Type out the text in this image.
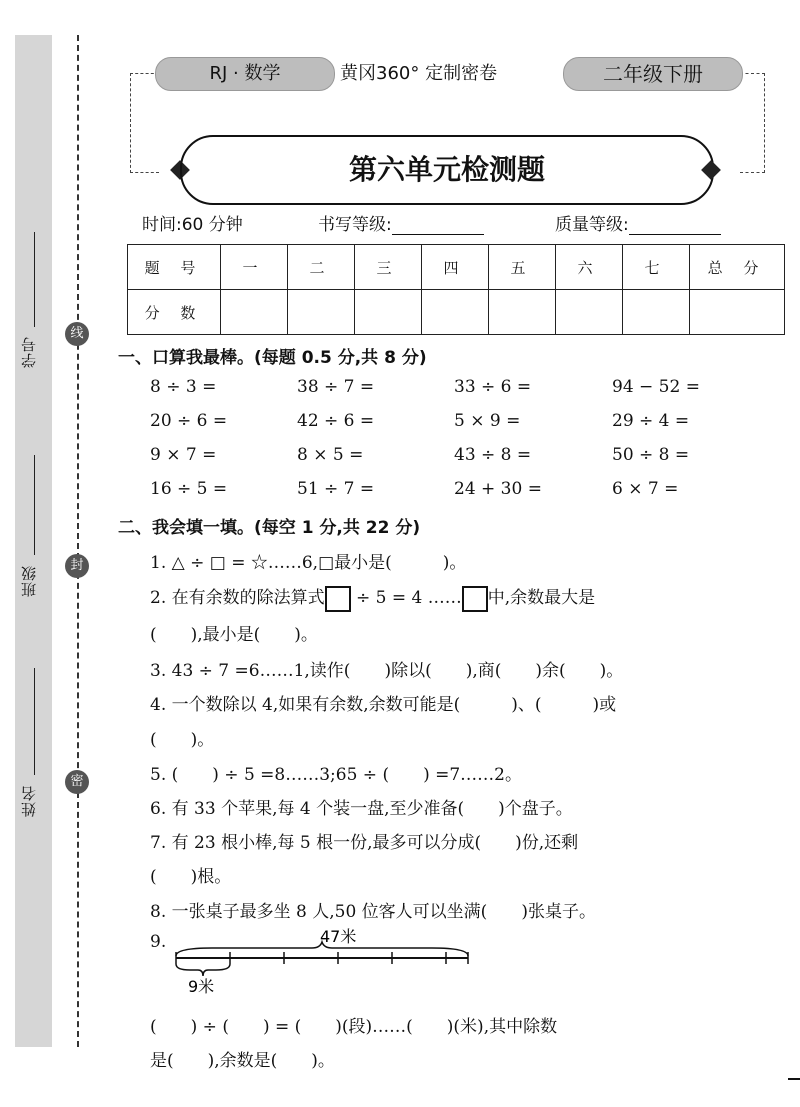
学号
班级
姓名
线
封
密
RJ · 数学	黄冈360° 定制密卷	二年级下册
第六单元检测题
时间:60 分钟	书写等级:	质量等级:
题 号	一	二	三	四	五	六	七	总 分
分 数								
一、口算我最棒。(每题 0.5 分,共 8 分)
8 ÷ 3 =	38 ÷ 7 =	33 ÷ 6 =	94 − 52 =
20 ÷ 6 =	42 ÷ 6 =	5 × 9 =	29 ÷ 4 =
9 × 7 =	8 × 5 =	43 ÷ 8 =	50 ÷ 8 =
16 ÷ 5 =	51 ÷ 7 =	24 + 30 =	6 × 7 =
二、我会填一填。(每空 1 分,共 22 分)
1. △ ÷ □ = ☆……6,□最小是(　　　)。
2. 在有余数的除法算式 ÷ 5 = 4 …… 中,余数最大是
(　　),最小是(　　)。
3. 43 ÷ 7 =6……1,读作(　　)除以(　　),商(　　)余(　　)。
4. 一个数除以 4,如果有余数,余数可能是(　　　)、(　　　)或
(　　)。
5. (　　) ÷ 5 =8……3;65 ÷ (　　) =7……2。
6. 有 33 个苹果,每 4 个装一盘,至少准备(　　)个盘子。
7. 有 23 根小棒,每 5 根一份,最多可以分成(　　)份,还剩
(　　)根。
8. 一张桌子最多坐 8 人,50 位客人可以坐满(　　)张桌子。
9.	47米
9米
(　　) ÷ (　　) = (　　)(段)……(　　)(米),其中除数
是(　　),余数是(　　)。
